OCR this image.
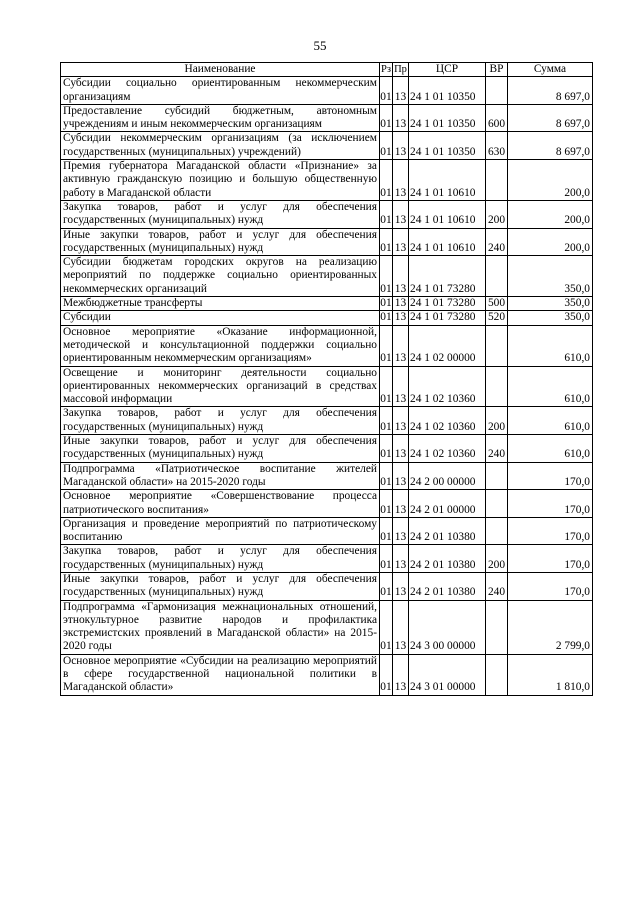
55
Наименование	Рз	Пр	ЦСР	ВР	Сумма
Субсидии социально ориентированным некоммерческим организациям	01	13	24 1 01 10350		8 697,0
Предоставление субсидий бюджетным, автономным учреждениям и иным некоммерческим организациям	01	13	24 1 01 10350	600	8 697,0
Субсидии некоммерческим организациям (за исключением государственных (муниципальных) учреждений)	01	13	24 1 01 10350	630	8 697,0
Премия губернатора Магаданской области «Признание» за активную гражданскую позицию и большую общественную работу в Магаданской области	01	13	24 1 01 10610		200,0
Закупка товаров, работ и услуг для обеспечения государственных (муниципальных) нужд	01	13	24 1 01 10610	200	200,0
Иные закупки товаров, работ и услуг для обеспечения государственных (муниципальных) нужд	01	13	24 1 01 10610	240	200,0
Субсидии бюджетам городских округов на реализацию мероприятий по поддержке социально ориентированных некоммерческих организаций	01	13	24 1 01 73280		350,0
Межбюджетные трансферты	01	13	24 1 01 73280	500	350,0
Субсидии	01	13	24 1 01 73280	520	350,0
Основное мероприятие «Оказание информационной, методической и консультационной поддержки социально ориентированным некоммерческим организациям»	01	13	24 1 02 00000		610,0
Освещение и мониторинг деятельности социально ориентированных некоммерческих организаций в средствах массовой информации	01	13	24 1 02 10360		610,0
Закупка товаров, работ и услуг для обеспечения государственных (муниципальных) нужд	01	13	24 1 02 10360	200	610,0
Иные закупки товаров, работ и услуг для обеспечения государственных (муниципальных) нужд	01	13	24 1 02 10360	240	610,0
Подпрограмма «Патриотическое воспитание жителей Магаданской области» на 2015-2020 годы	01	13	24 2 00 00000		170,0
Основное мероприятие «Совершенствование процесса патриотического воспитания»	01	13	24 2 01 00000		170,0
Организация и проведение мероприятий по патриотическому воспитанию	01	13	24 2 01 10380		170,0
Закупка товаров, работ и услуг для обеспечения государственных (муниципальных) нужд	01	13	24 2 01 10380	200	170,0
Иные закупки товаров, работ и услуг для обеспечения государственных (муниципальных) нужд	01	13	24 2 01 10380	240	170,0
Подпрограмма «Гармонизация межнациональных отношений, этнокультурное развитие народов и профилактика экстремистских проявлений в Магаданской области» на 2015-2020 годы	01	13	24 3 00 00000		2 799,0
Основное мероприятие «Субсидии на реализацию мероприятий в сфере государственной национальной политики в Магаданской области»	01	13	24 3 01 00000		1 810,0
